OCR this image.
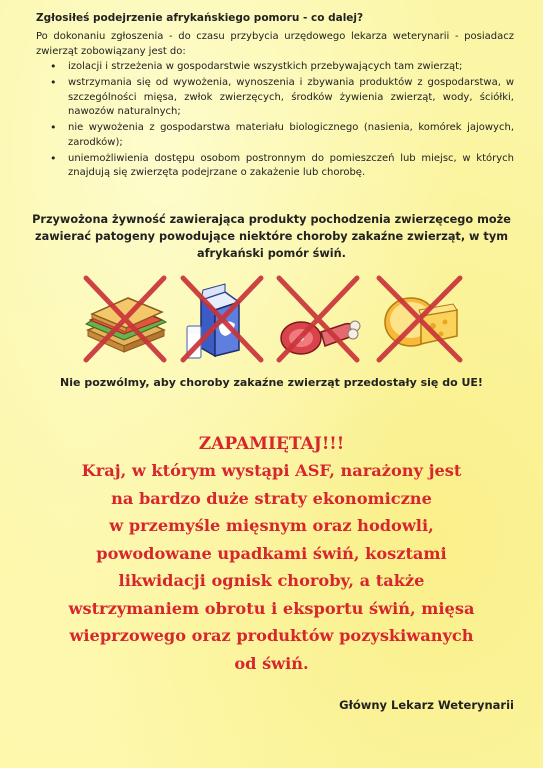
Zgłosiłeś podejrzenie afrykańskiego pomoru - co dalej?
Po dokonaniu zgłoszenia - do czasu przybycia urzędowego lekarza weterynarii - posiadacz zwierząt zobowiązany jest do:
• izolacji i strzeżenia w gospodarstwie wszystkich przebywających tam zwierząt;
• wstrzymania się od wywożenia, wynoszenia i zbywania produktów z gospodarstwa, w szczególności mięsa, zwłok zwierzęcych, środków żywienia zwierząt, wody, ściółki, nawozów naturalnych;
• nie wywożenia z gospodarstwa materiału biologicznego (nasienia, komórek jajowych, zarodków);
• uniemożliwienia dostępu osobom postronnym do pomieszczeń lub miejsc, w których znajdują się zwierzęta podejrzane o zakażenie lub chorobę.
Przywożona żywność zawierająca produkty pochodzenia zwierzęcego może zawierać patogeny powodujące niektóre choroby zakaźne zwierząt, w tym afrykański pomór świń.
Nie pozwólmy, aby choroby zakaźne zwierząt przedostały się do UE!
ZAPAMIĘTAJ!!!
Kraj, w którym wystąpi ASF, narażony jest
na bardzo duże straty ekonomiczne
w przemyśle mięsnym oraz hodowli,
powodowane upadkami świń, kosztami
likwidacji ognisk choroby, a także
wstrzymaniem obrotu i eksportu świń, mięsa
wieprzowego oraz produktów pozyskiwanych
od świń.
Główny Lekarz Weterynarii
